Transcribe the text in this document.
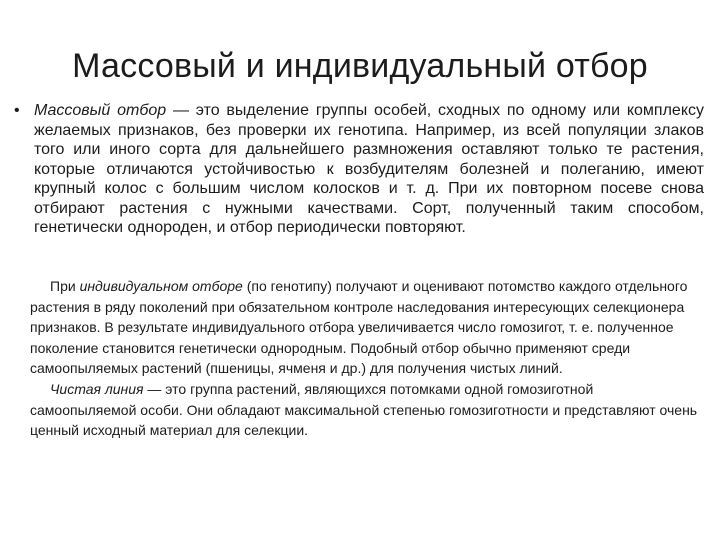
Массовый и индивидуальный отбор
• Массовый отбор — это выделение группы особей, сходных по одному или комплексу желаемых признаков, без проверки их генотипа. Например, из всей популяции злаков того или иного сорта для дальнейшего размножения оставляют только те растения, которые отличаются устойчивостью к возбудителям болезней и полеганию, имеют крупный колос с большим числом колосков и т. д. При их повторном посеве снова отбирают растения с нужными качествами. Сорт, полученный таким способом, генетически однороден, и отбор периодически повторяют.

При индивидуальном отборе (по генотипу) получают и оценивают потомство каждого отдельного растения в ряду поколений при обязательном контроле наследования интересующих селекционера признаков. В результате индивидуального отбора увеличивается число гомозигот, т. е. полученное поколение становится генетически однородным. Подобный отбор обычно применяют среди самоопыляемых растений (пшеницы, ячменя и др.) для получения чистых линий.

Чистая линия — это группа растений, являющихся потомками одной гомозиготной самоопыляемой особи. Они обладают максимальной степенью гомозиготности и представляют очень ценный исходный материал для селекции.
